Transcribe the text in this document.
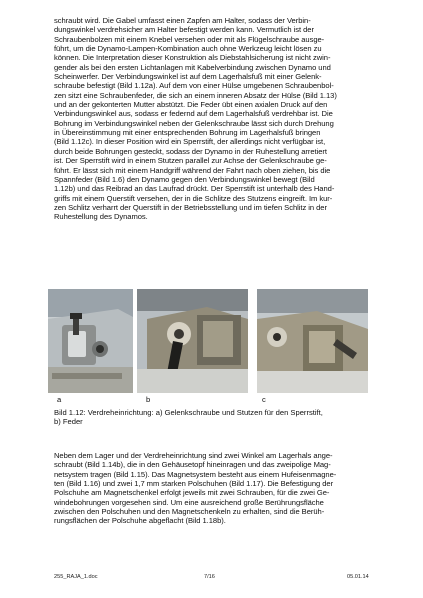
schraubt wird. Die Gabel umfasst einen Zapfen am Halter, sodass der Verbin-
dungswinkel verdrehsicher am Halter befestigt werden kann. Vermutlich ist der
Schraubenbolzen mit einem Knebel versehen oder mit als Flügelschraube ausge-
führt, um die Dynamo-Lampen-Kombination auch ohne Werkzeug leicht lösen zu
können. Die Interpretation dieser Konstruktion als Diebstahlsicherung ist nicht zwin-
gender als bei den ersten Lichtanlagen mit Kabelverbindung zwischen Dynamo und
Scheinwerfer. Der Verbindungswinkel ist auf dem Lagerhalsfuß mit einer Gelenk-
schraube befestigt (Bild 1.12a). Auf dem von einer Hülse umgebenen Schraubenbol-
zen sitzt eine Schraubenfeder, die sich an einem inneren Absatz der Hülse (Bild 1.13)
und an der gekonterten Mutter abstützt. Die Feder übt einen axialen Druck auf den
Verbindungswinkel aus, sodass er federnd auf dem Lagerhalsfuß verdrehbar ist. Die
Bohrung im Verbindungswinkel neben der Gelenkschraube lässt sich durch Drehung
in Übereinstimmung mit einer entsprechenden Bohrung im Lagerhalsfuß bringen
(Bild 1.12c). In dieser Position wird ein Sperrstift, der allerdings nicht verfügbar ist,
durch beide Bohrungen gesteckt, sodass der Dynamo in der Ruhestellung arretiert
ist. Der Sperrstift wird in einem Stutzen parallel zur Achse der Gelenkschraube ge-
führt. Er lässt sich mit einem Handgriff während der Fahrt nach oben ziehen, bis die
Spannfeder (Bild 1.6) den Dynamo gegen den Verbindungswinkel bewegt (Bild
1.12b) und das Reibrad an das Laufrad drückt. Der Sperrstift ist unterhalb des Hand-
griffs mit einem Querstift versehen, der in die Schlitze des Stutzens eingreift. Im kur-
zen Schlitz verharrt der Querstift in der Betriebsstellung und im tiefen Schlitz in der
Ruhestellung des Dynamos.

a	b	c
Bild 1.12: Verdreheinrichtung: a) Gelenkschraube und Stutzen für den Sperrstift,
b) Feder

Neben dem Lager und der Verdreheinrichtung sind zwei Winkel am Lagerhals ange-
schraubt (Bild 1.14b), die in den Gehäusetopf hineinragen und das zweipolige Mag-
netsystem tragen (Bild 1.15). Das Magnetsystem besteht aus einem Hufeisenmagne-
ten (Bild 1.16) und zwei 1,7 mm starken Polschuhen (Bild 1.17). Die Befestigung der
Polschuhe am Magnetschenkel erfolgt jeweils mit zwei Schrauben, für die zwei Ge-
windebohrungen vorgesehen sind. Um eine ausreichend große Berührungsfläche
zwischen den Polschuhen und den Magnetschenkeln zu erhalten, sind die Berüh-
rungsflächen der Polschuhe abgeflacht (Bild 1.18b).

255_RAJA_1.doc	7/16	05.01.14
